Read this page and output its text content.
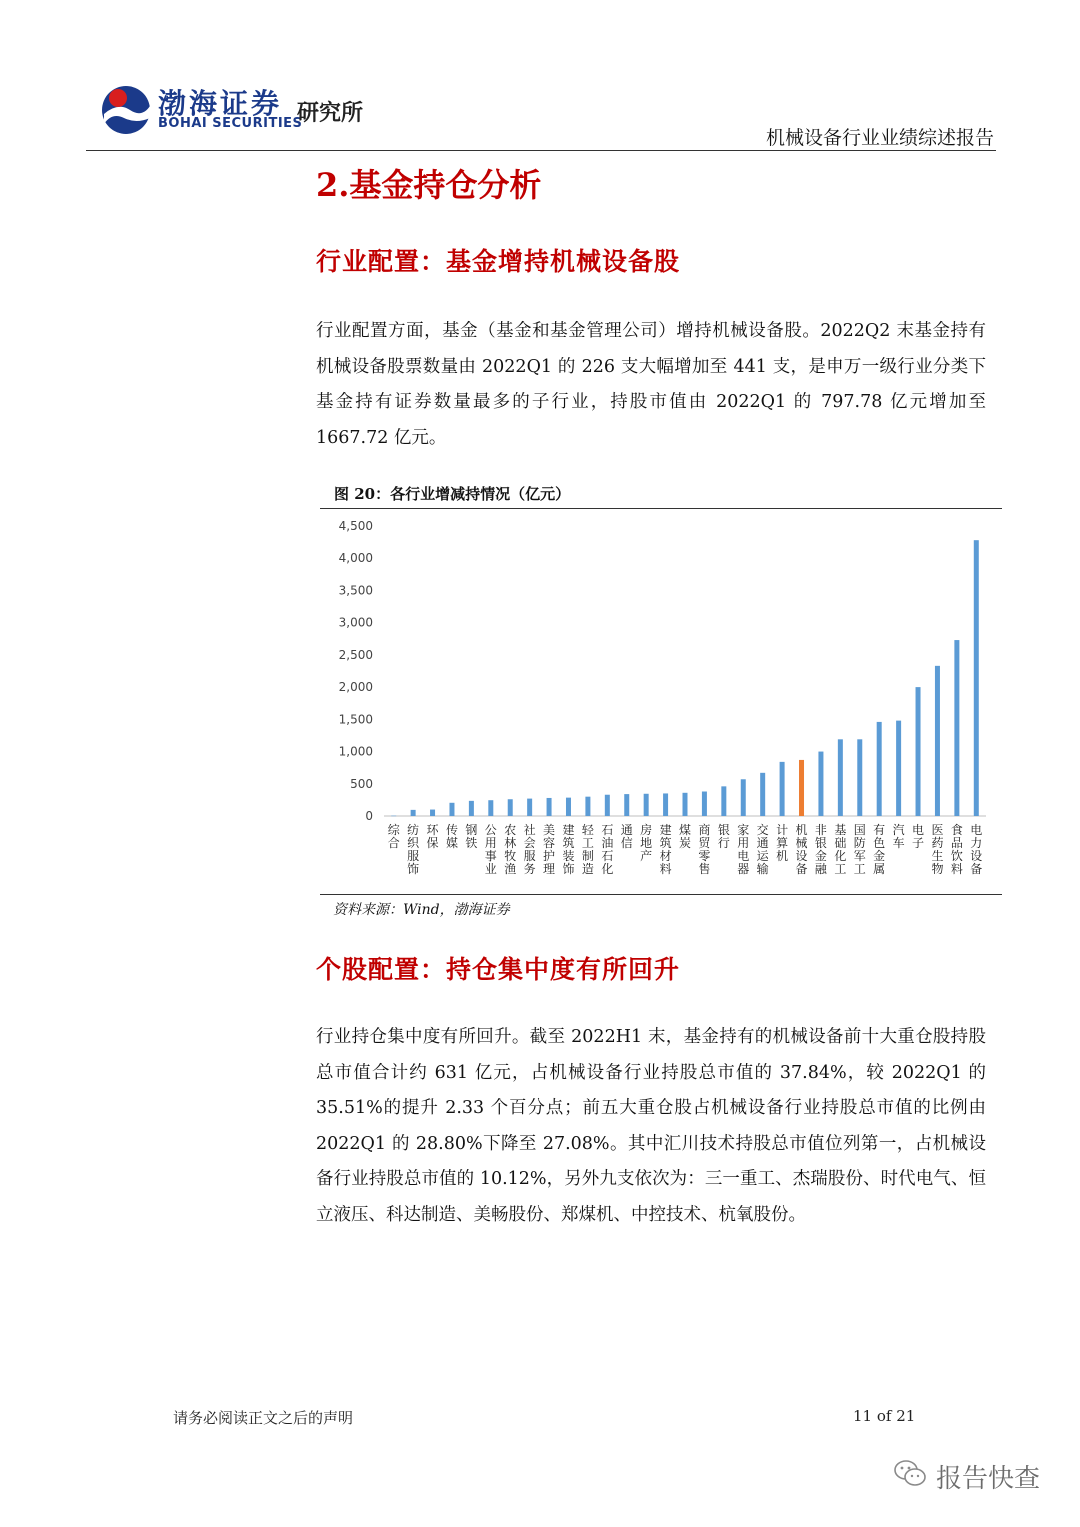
渤海证券
BOHAI SECURITIES
研究所
机械设备行业业绩综述报告
2.基金持仓分析
行业配置：基金增持机械设备股
行业配置方面，基金（基金和基金管理公司）增持机械设备股。2022Q2 末基金持有机械设备股票数量由 2022Q1 的 226 支大幅增加至 441 支，是申万一级行业分类下基金持有证券数量最多的子行业，持股市值由 2022Q1 的 797.78 亿元增加至 1667.72 亿元。
图 20：各行业增减持情况（亿元）
0
500
1,000
1,500
2,000
2,500
3,000
3,500
4,000
4,500
综合
纺织服饰
环保
传媒
钢铁
公用事业
农林牧渔
社会服务
美容护理
建筑装饰
轻工制造
石油石化
通信
房地产
建筑材料
煤炭
商贸零售
银行
家用电器
交通运输
计算机
机械设备
非银金融
基础化工
国防军工
有色金属
汽车
电子
医药生物
食品饮料
电力设备
资料来源：Wind，渤海证券
个股配置：持仓集中度有所回升
行业持仓集中度有所回升。截至 2022H1 末，基金持有的机械设备前十大重仓股持股总市值合计约 631 亿元，占机械设备行业持股总市值的 37.84%，较 2022Q1 的 35.51%的提升 2.33 个百分点；前五大重仓股占机械设备行业持股总市值的比例由 2022Q1 的 28.80%下降至 27.08%。其中汇川技术持股总市值位列第一，占机械设备行业持股总市值的 10.12%，另外九支依次为：三一重工、杰瑞股份、时代电气、恒立液压、科达制造、美畅股份、郑煤机、中控技术、杭氧股份。
请务必阅读正文之后的声明	11 of 21
报告快查
